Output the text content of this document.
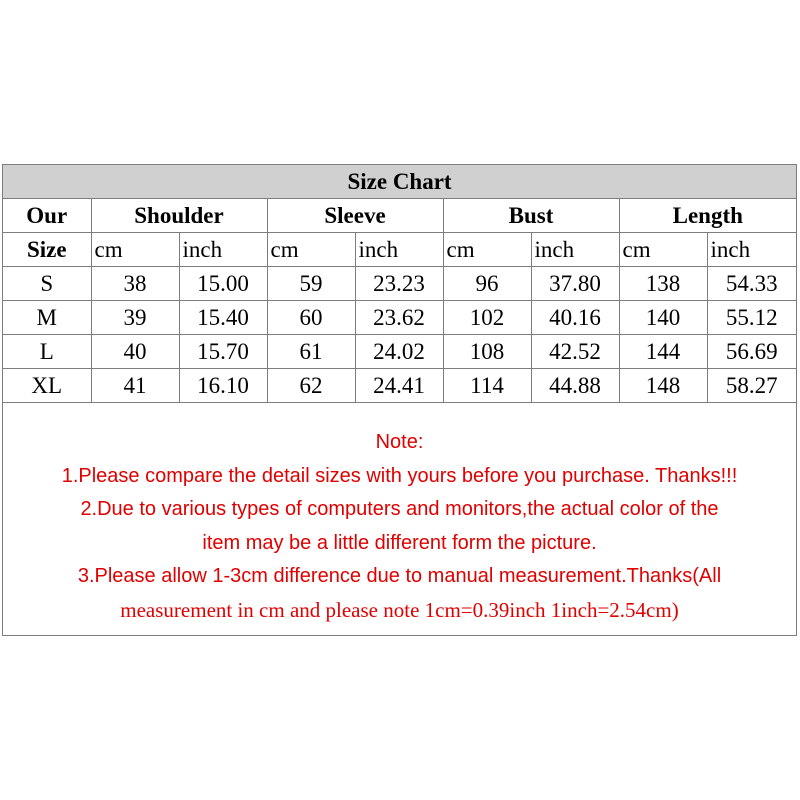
Size Chart								
Our	Shoulder		Sleeve		Bust		Length	
Size	cm	inch	cm	inch	cm	inch	cm	inch
S	38	15.00	59	23.23	96	37.80	138	54.33
M	39	15.40	60	23.62	102	40.16	140	55.12
L	40	15.70	61	24.02	108	42.52	144	56.69
XL	41	16.10	62	24.41	114	44.88	148	58.27
Note:
1.Please compare the detail sizes with yours before you purchase. Thanks!!!
2.Due to various types of computers and monitors,the actual color of the
item may be a little different form the picture.
3.Please allow 1-3cm difference due to manual measurement.Thanks(All
measurement in cm and please note 1cm=0.39inch 1inch=2.54cm)
